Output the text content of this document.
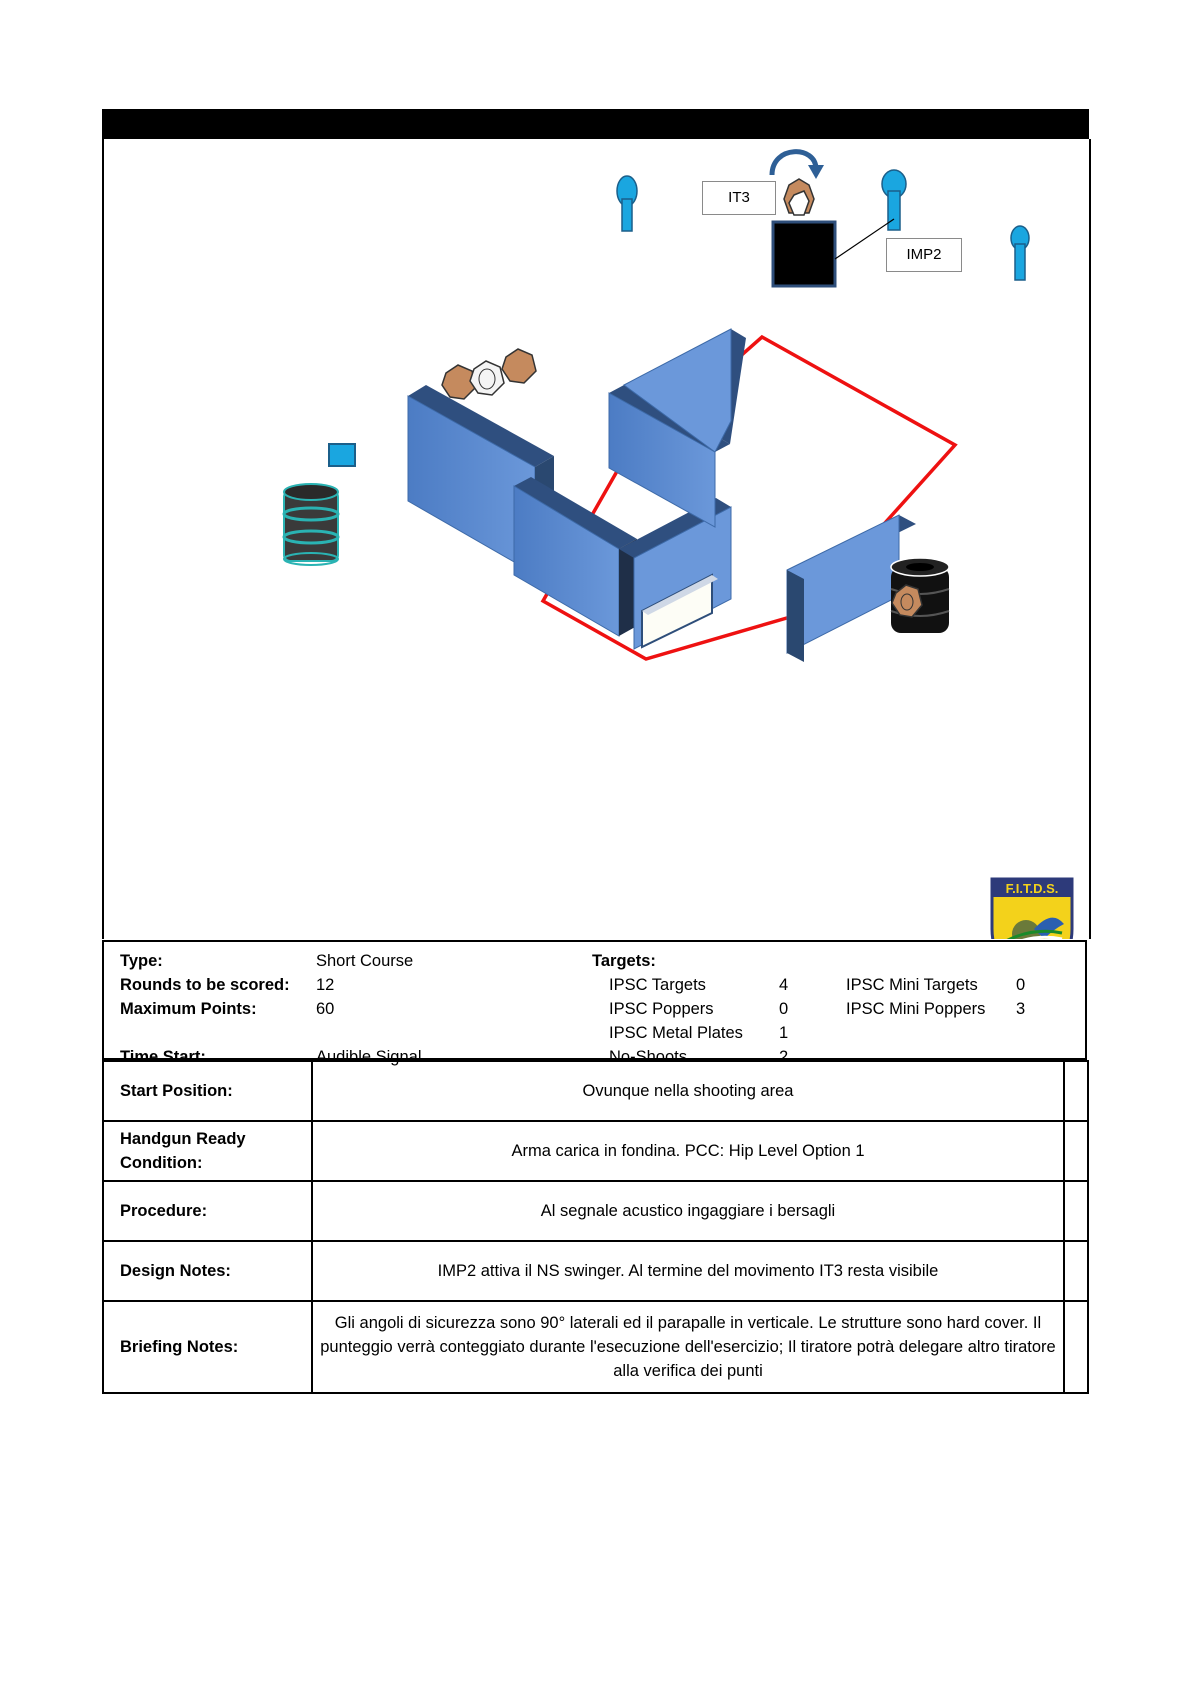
F.I.T.D.S.
IT3
IMP2
Type:	Short Course
Rounds to be scored: 12
Maximum Points:	60
Time Start:	Audible Signal
Targets:
IPSC Targets	4
IPSC Poppers	0
IPSC Metal Plates 1
No-Shoots	2
IPSC Mini Targets 0
IPSC Mini Poppers 3
Start Position:	Ovunque nella shooting area	
Handgun Ready Condition:	Arma carica in fondina. PCC: Hip Level Option 1	
Procedure:	Al segnale acustico ingaggiare i bersagli	
Design Notes:	IMP2 attiva il NS swinger. Al termine del movimento IT3 resta visibile	
Briefing Notes:	Gli angoli di sicurezza sono 90° laterali ed il parapalle in verticale. Le strutture sono hard cover. Il punteggio verrà conteggiato durante l'esecuzione dell'esercizio; Il tiratore potrà delegare altro tiratore alla verifica dei punti	
